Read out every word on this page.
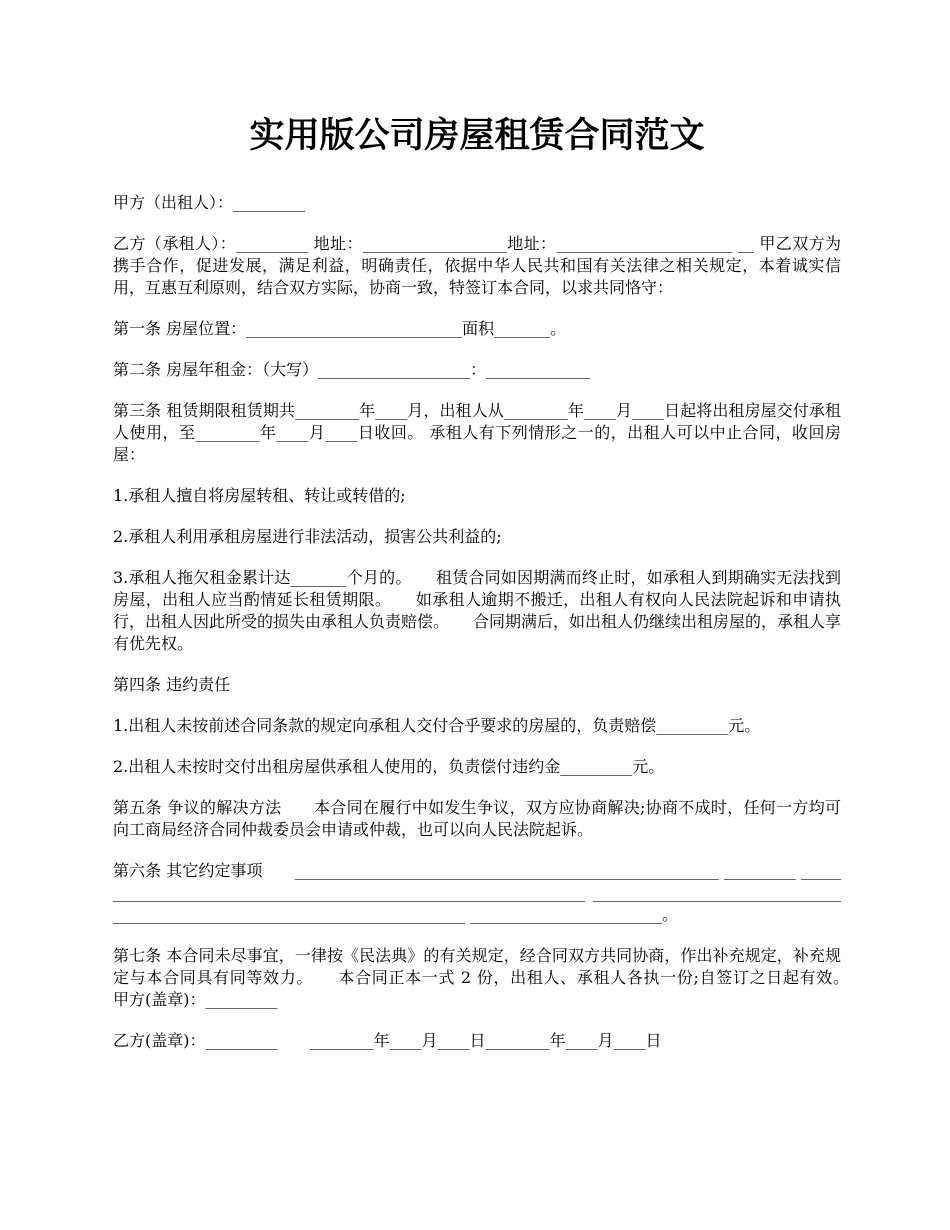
实用版公司房屋租赁合同范文

甲方（出租人）：_________

乙方（承租人）：_________ 地址：__________________地址：______________________ __ 甲乙双方为携手合作，促进发展，满足利益，明确责任，依据中华人民共和国有关法律之相关规定，本着诚实信用，互惠互利原则，结合双方实际，协商一致，特签订本合同，以求共同恪守：

第一条 房屋位置：___________________________面积_______。

第二条 房屋年租金：（大写）___________________：_____________

第三条 租赁期限租赁期共________年____月，出租人从________年____月____日起将出租房屋交付承租人使用，至________年____月____日收回。 承租人有下列情形之一的，出租人可以中止合同，收回房屋：

1.承租人擅自将房屋转租、转让或转借的;

2.承租人利用承租房屋进行非法活动，损害公共利益的;

3.承租人拖欠租金累计达_______个月的。　　租赁合同如因期满而终止时，如承租人到期确实无法找到房屋，出租人应当酌情延长租赁期限。　　如承租人逾期不搬迁，出租人有权向人民法院起诉和申请执行，出租人因此所受的损失由承租人负责赔偿。　　合同期满后，如出租人仍继续出租房屋的，承租人享有优先权。

第四条 违约责任

1.出租人未按前述合同条款的规定向承租人交付合乎要求的房屋的，负责赔偿_________元。

2.出租人未按时交付出租房屋供承租人使用的，负责偿付违约金_________元。

第五条 争议的解决方法　　本合同在履行中如发生争议，双方应协商解决;协商不成时，任何一方均可向工商局经济合同仲裁委员会申请或仲裁，也可以向人民法院起诉。

第六条 其它约定事项　　_____________________________________________________ _________ ________________________________________________________________ ___________________________________________________________________________ ________________________。

第七条 本合同未尽事宜，一律按《民法典》的有关规定，经合同双方共同协商，作出补充规定，补充规定与本合同具有同等效力。　　本合同正本一式 2 份，出租人、承租人各执一份;自签订之日起有效。　　甲方(盖章)：_________

乙方(盖章)：_________　　________年____月____日________年____月____日
